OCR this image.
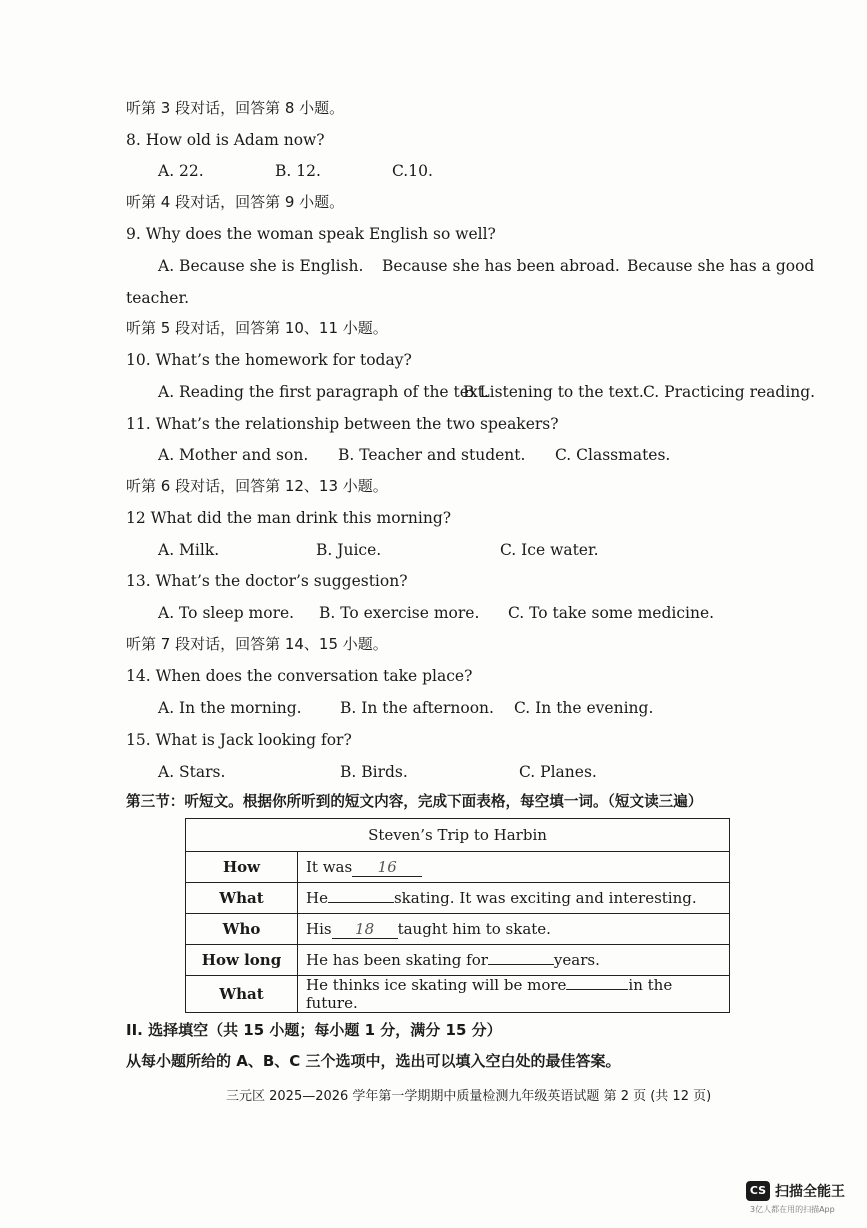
听第 3 段对话，回答第 8 小题。
8. How old is Adam now?
A. 22.	B. 12.	C.10.
听第 4 段对话，回答第 9 小题。
9. Why does the woman speak English so well?
A. Because she is English. Because she has been abroad. Because she has a good
teacher.
听第 5 段对话，回答第 10、11 小题。
10. What’s the homework for today?
A. Reading the first paragraph of the text.
B Listening to the text. C. Practicing reading.
11. What’s the relationship between the two speakers?
A. Mother and son. B. Teacher and student. C. Classmates.
听第 6 段对话，回答第 12、13 小题。
12 What did the man drink this morning?
A. Milk.	B. Juice.	C. Ice water.
13. What’s the doctor’s suggestion?
A. To sleep more. B. To exercise more. C. To take some medicine.
听第 7 段对话，回答第 14、15 小题。
14. When does the conversation take place?
A. In the morning. B. In the afternoon. C. In the evening.
15. What is Jack looking for?
A. Stars.	B. Birds.	C. Planes.
第三节：听短文。根据你所听到的短文内容，完成下面表格，每空填一词。（短文读三遍）
Steven’s Trip to Harbin	
How	It was 16
What	He skating. It was exciting and interesting.
Who	His 18 taught him to skate.
How long	He has been skating for years.
What	He thinks ice skating will be more in the future.
II. 选择填空（共 15 小题；每小题 1 分，满分 15 分）
从每小题所给的 A、B、C 三个选项中，选出可以填入空白处的最佳答案。
三元区 2025—2026 学年第一学期期中质量检测九年级英语试题 第 2 页 (共 12 页)
CS 扫描全能王
3亿人都在用的扫描App
